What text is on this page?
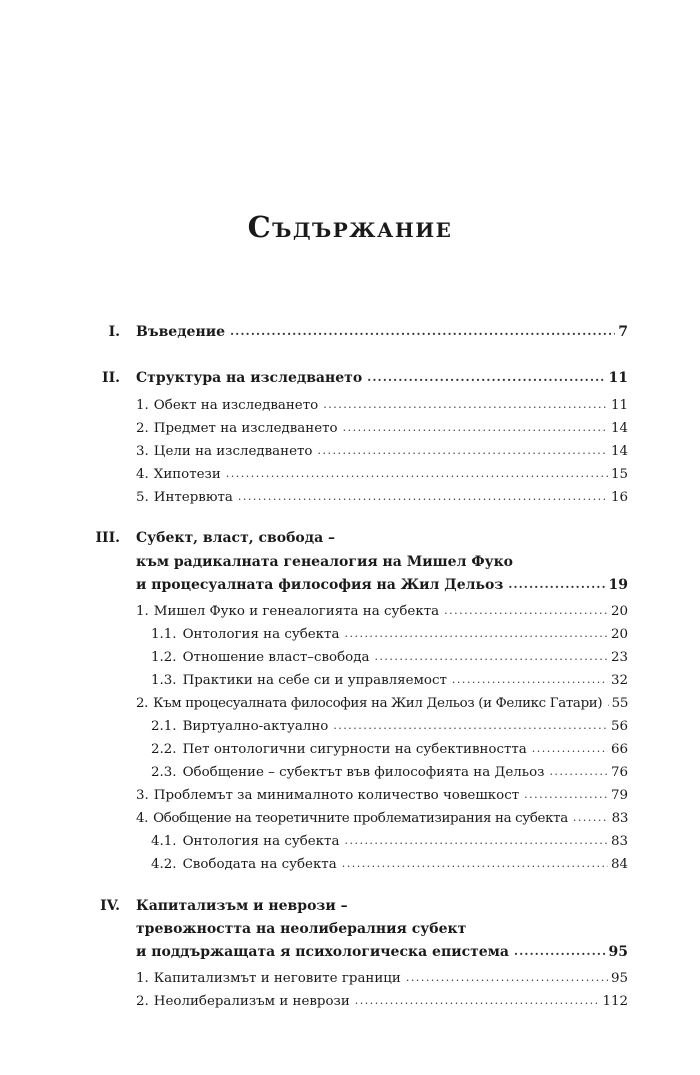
Съдържание
I. Въведение .....	7
II. Структура на изследването .....	11
1. Обект на изследването .....	11
2. Предмет на изследването .....	14
3. Цели на изследването .....	14
4. Хипотези .....	15
5. Интервюта .....	16
III. Субект, власт, свобода –
към радикалната генеалогия на Мишел Фуко
и процесуалната философия на Жил Дельоз .....	19
1. Мишел Фуко и генеалогията на субекта .....	20
1.1. Онтология на субекта .....	20
1.2. Отношение власт–свобода .....	23
1.3. Практики на себе си и управляемост .....	32
2. Към процесуалната философия на Жил Дельоз (и Феликс Гатари) ..... 55
2.1. Виртуално-актуално .....	56
2.2. Пет онтологични сигурности на субективността .....	66
2.3. Обобщение – субектът във философията на Дельоз .....	76
3. Проблемът за минималното количество човешкост .....	79
4. Обобщение на теоретичните проблематизирания на субекта .....	83
4.1. Онтология на субекта .....	83
4.2. Свободата на субекта .....	84
IV. Капитализъм и неврози –
тревожността на неолибералния субект
и поддържащата я психологическа епистема .....	95
1. Капитализмът и неговите граници .....	95
2. Неолиберализъм и неврози .....	112
